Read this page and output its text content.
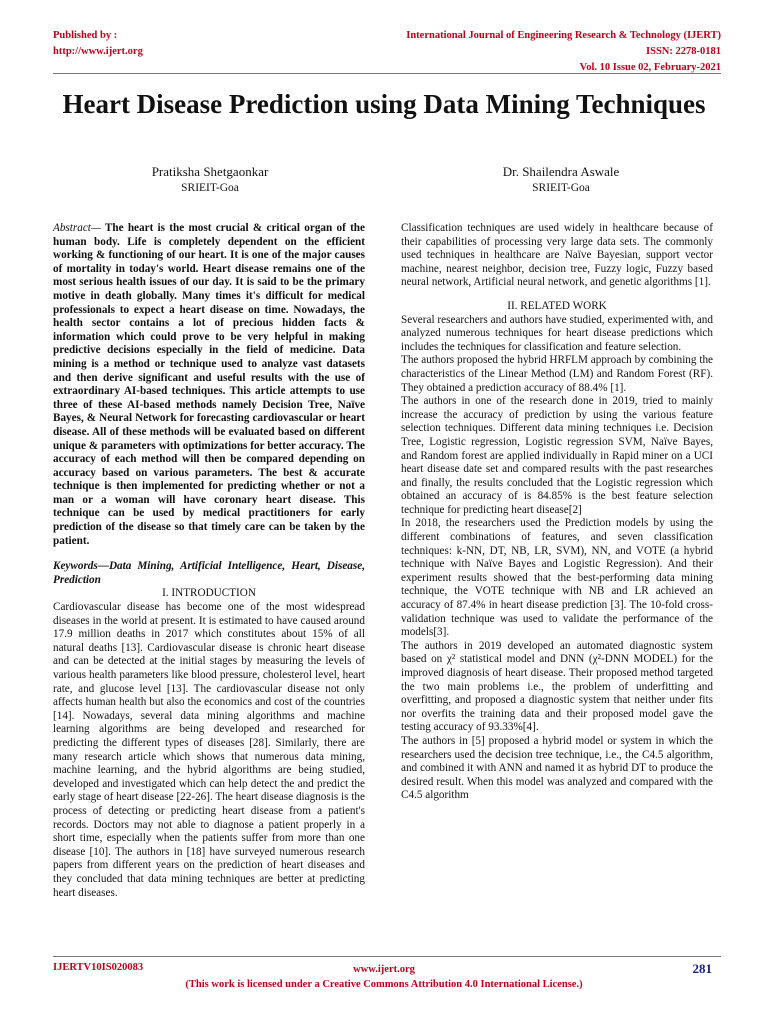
Published by :
http://www.ijert.org
International Journal of Engineering Research & Technology (IJERT)
ISSN: 2278-0181
Vol. 10 Issue 02, February-2021
Heart Disease Prediction using Data Mining Techniques
Pratiksha Shetgaonkar
SRIEIT-Goa
Dr. Shailendra Aswale
SRIEIT-Goa

Abstract— The heart is the most crucial & critical organ of the human body. Life is completely dependent on the efficient working & functioning of our heart. It is one of the major causes of mortality in today's world. Heart disease remains one of the most serious health issues of our day. It is said to be the primary motive in death globally. Many times it's difficult for medical professionals to expect a heart disease on time. Nowadays, the health sector contains a lot of precious hidden facts & information which could prove to be very helpful in making predictive decisions especially in the field of medicine. Data mining is a method or technique used to analyze vast datasets and then derive significant and useful results with the use of extraordinary AI-based techniques. This article attempts to use three of these AI-based methods namely Decision Tree, Naïve Bayes, & Neural Network for forecasting cardiovascular or heart disease. All of these methods will be evaluated based on different unique & parameters with optimizations for better accuracy. The accuracy of each method will then be compared depending on accuracy based on various parameters. The best & accurate technique is then implemented for predicting whether or not a man or a woman will have coronary heart disease. This technique can be used by medical practitioners for early prediction of the disease so that timely care can be taken by the patient.

Keywords—Data Mining, Artificial Intelligence, Heart, Disease, Prediction

I. INTRODUCTION

Cardiovascular disease has become one of the most widespread diseases in the world at present. It is estimated to have caused around 17.9 million deaths in 2017 which constitutes about 15% of all natural deaths [13]. Cardiovascular disease is chronic heart disease and can be detected at the initial stages by measuring the levels of various health parameters like blood pressure, cholesterol level, heart rate, and glucose level [13]. The cardiovascular disease not only affects human health but also the economics and cost of the countries [14]. Nowadays, several data mining algorithms and machine learning algorithms are being developed and researched for predicting the different types of diseases [28]. Similarly, there are many research article which shows that numerous data mining, machine learning, and the hybrid algorithms are being studied, developed and investigated which can help detect the and predict the early stage of heart disease [22-26]. The heart disease diagnosis is the process of detecting or predicting heart disease from a patient's records. Doctors may not able to diagnose a patient properly in a short time, especially when the patients suffer from more than one disease [10]. The authors in [18] have surveyed numerous research papers from different years on the prediction of heart diseases and they concluded that data mining techniques are better at predicting heart diseases.

Classification techniques are used widely in healthcare because of their capabilities of processing very large data sets. The commonly used techniques in healthcare are Naïve Bayesian, support vector machine, nearest neighbor, decision tree, Fuzzy logic, Fuzzy based neural network, Artificial neural network, and genetic algorithms [1].

II. RELATED WORK

Several researchers and authors have studied, experimented with, and analyzed numerous techniques for heart disease predictions which includes the techniques for classification and feature selection.

The authors proposed the hybrid HRFLM approach by combining the characteristics of the Linear Method (LM) and Random Forest (RF). They obtained a prediction accuracy of 88.4% [1].

The authors in one of the research done in 2019, tried to mainly increase the accuracy of prediction by using the various feature selection techniques. Different data mining techniques i.e. Decision Tree, Logistic regression, Logistic regression SVM, Naïve Bayes, and Random forest are applied individually in Rapid miner on a UCI heart disease date set and compared results with the past researches and finally, the results concluded that the Logistic regression which obtained an accuracy of is 84.85% is the best feature selection technique for predicting heart disease[2]

In 2018, the researchers used the Prediction models by using the different combinations of features, and seven classification techniques: k-NN, DT, NB, LR, SVM), NN, and VOTE (a hybrid technique with Naïve Bayes and Logistic Regression). And their experiment results showed that the best-performing data mining technique, the VOTE technique with NB and LR achieved an accuracy of 87.4% in heart disease prediction [3]. The 10-fold cross-validation technique was used to validate the performance of the models[3].

The authors in 2019 developed an automated diagnostic system based on χ² statistical model and DNN (χ²-DNN MODEL) for the improved diagnosis of heart disease. Their proposed method targeted the two main problems i.e., the problem of underfitting and overfitting, and proposed a diagnostic system that neither under fits nor overfits the training data and their proposed model gave the testing accuracy of 93.33%[4].

The authors in [5] proposed a hybrid model or system in which the researchers used the decision tree technique, i.e., the C4.5 algorithm, and combined it with ANN and named it as hybrid DT to produce the desired result. When this model was analyzed and compared with the C4.5 algorithm

IJERTV10IS020083	www.ijert.org
(This work is licensed under a Creative Commons Attribution 4.0 International License.)
281
